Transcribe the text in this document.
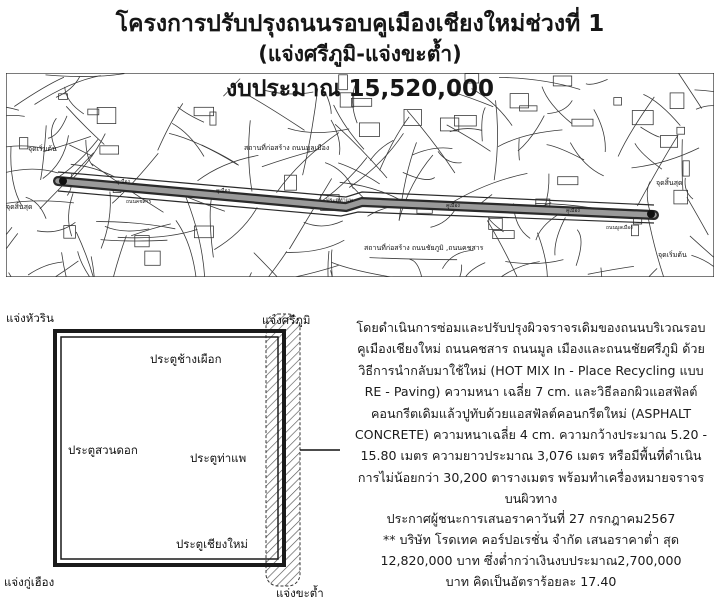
โครงการปรับปรุงถนนรอบคูเมืองเชียงใหม่ช่วงที่ 1
(แจ่งศรีภูมิ-แจ่งขะต้ำ)
จุดเริ่มต้น
จุดสิ้นสุด
จุดสิ้นสุด
จุดเริ่มต้น
สถานที่ก่อสร้าง ถนนมูลเมือง
สถานที่ก่อสร้าง ถนนชัยภูมิ ,ถนนคชสาร
ประตูท่าแพ
คูเมือง
คูเมือง
คูเมือง
คูเมือง
ถนนคชสาร
ถนนมูลเมือง
งบประมาณ 15,520,000
แจ่งหัวริน	แจ่งศรีภูมิ
แจ่งกู่เฮือง
แจ่งขะต้ำ
ประตูช้างเผือก
ประตูสวนดอก
ประตูท่าแพ
ประตูเชียงใหม่
โดยดำเนินการซ่อมและปรับปรุงผิวจราจรเดิมของถนนบริเวณรอบ
คูเมืองเชียงใหม่ ถนนคชสาร ถนนมูล เมืองและถนนชัยศรีภูมิ ด้วย
วิธีการนำกลับมาใช้ใหม่ (HOT MIX In - Place Recycling แบบ
RE - Paving) ความหนา เฉลี่ย 7 cm. และวิธีลอกผิวแอสฟัลต์
คอนกรีตเดิมแล้วปูทับด้วยแอสฟัลต์คอนกรีตใหม่ (ASPHALT
CONCRETE) ความหนาเฉลี่ย 4 cm. ความกว้างประมาณ 5.20 -
15.80 เมตร ความยาวประมาณ 3,076 เมตร หรือมีพื้นที่ดำเนิน
การไม่น้อยกว่า 30,200 ตารางเมตร พร้อมทำเครื่องหมายจราจร
บนผิวทาง
ประกาศผู้ชนะการเสนอราคาวันที่ 27 กรกฎาคม2567
** บริษัท โรดเทค คอร์ปอเรชั่น จำกัด เสนอราคาต่ำ สุด
12,820,000 บาท ซึ่งต่ำกว่าเงินงบประมาณ2,700,000
บาท คิดเป็นอัตราร้อยละ 17.40
